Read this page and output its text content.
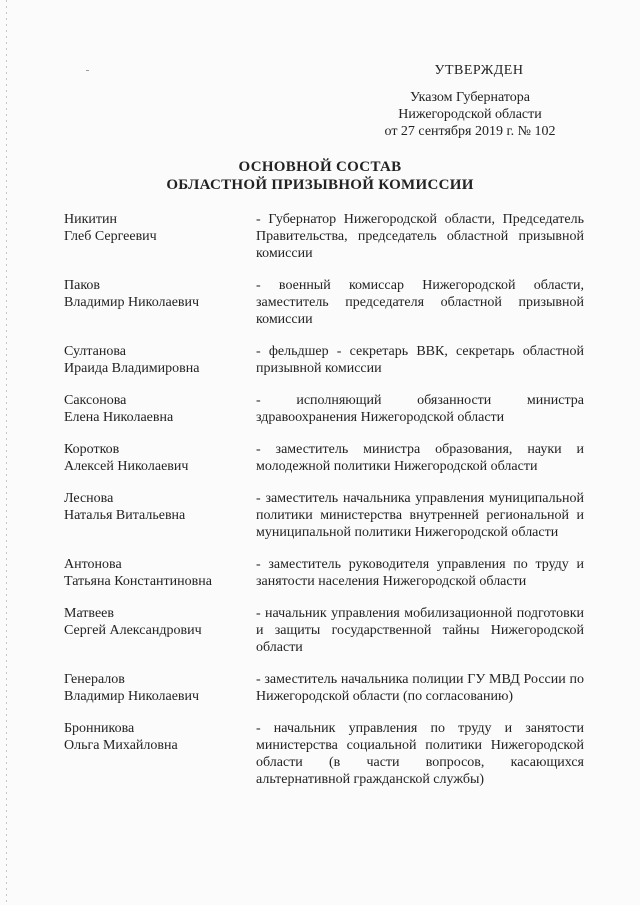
УТВЕРЖДЕН
Указом Губернатора
Нижегородской области
от 27 сентября 2019 г. № 102
ОСНОВНОЙ СОСТАВ
ОБЛАСТНОЙ ПРИЗЫВНОЙ КОМИССИИ
Никитин
Глеб Сергеевич
- Губернатор Нижегородской области, Председатель Правительства, председатель областной призывной комиссии
Паков
Владимир Николаевич
- военный комиссар Нижегородской области, заместитель председателя областной призывной комиссии
Султанова
Ираида Владимировна
- фельдшер - секретарь ВВК, секретарь областной призывной комиссии
Саксонова
Елена Николаевна
- исполняющий обязанности министра здравоохранения Нижегородской области
Коротков
Алексей Николаевич
- заместитель министра образования, науки и молодежной политики Нижегородской области
Леснова
Наталья Витальевна
- заместитель начальника управления муниципальной политики министерства внутренней региональной и муниципальной политики Нижегородской области
Антонова
Татьяна Константиновна
- заместитель руководителя управления по труду и занятости населения Нижегородской области
Матвеев
Сергей Александрович
- начальник управления мобилизационной подготовки и защиты государственной тайны Нижегородской области
Генералов
Владимир Николаевич
- заместитель начальника полиции ГУ МВД России по Нижегородской области (по согласованию)
Бронникова
Ольга Михайловна
- начальник управления по труду и занятости министерства социальной политики Нижегородской области (в части вопросов, касающихся альтернативной гражданской службы)
